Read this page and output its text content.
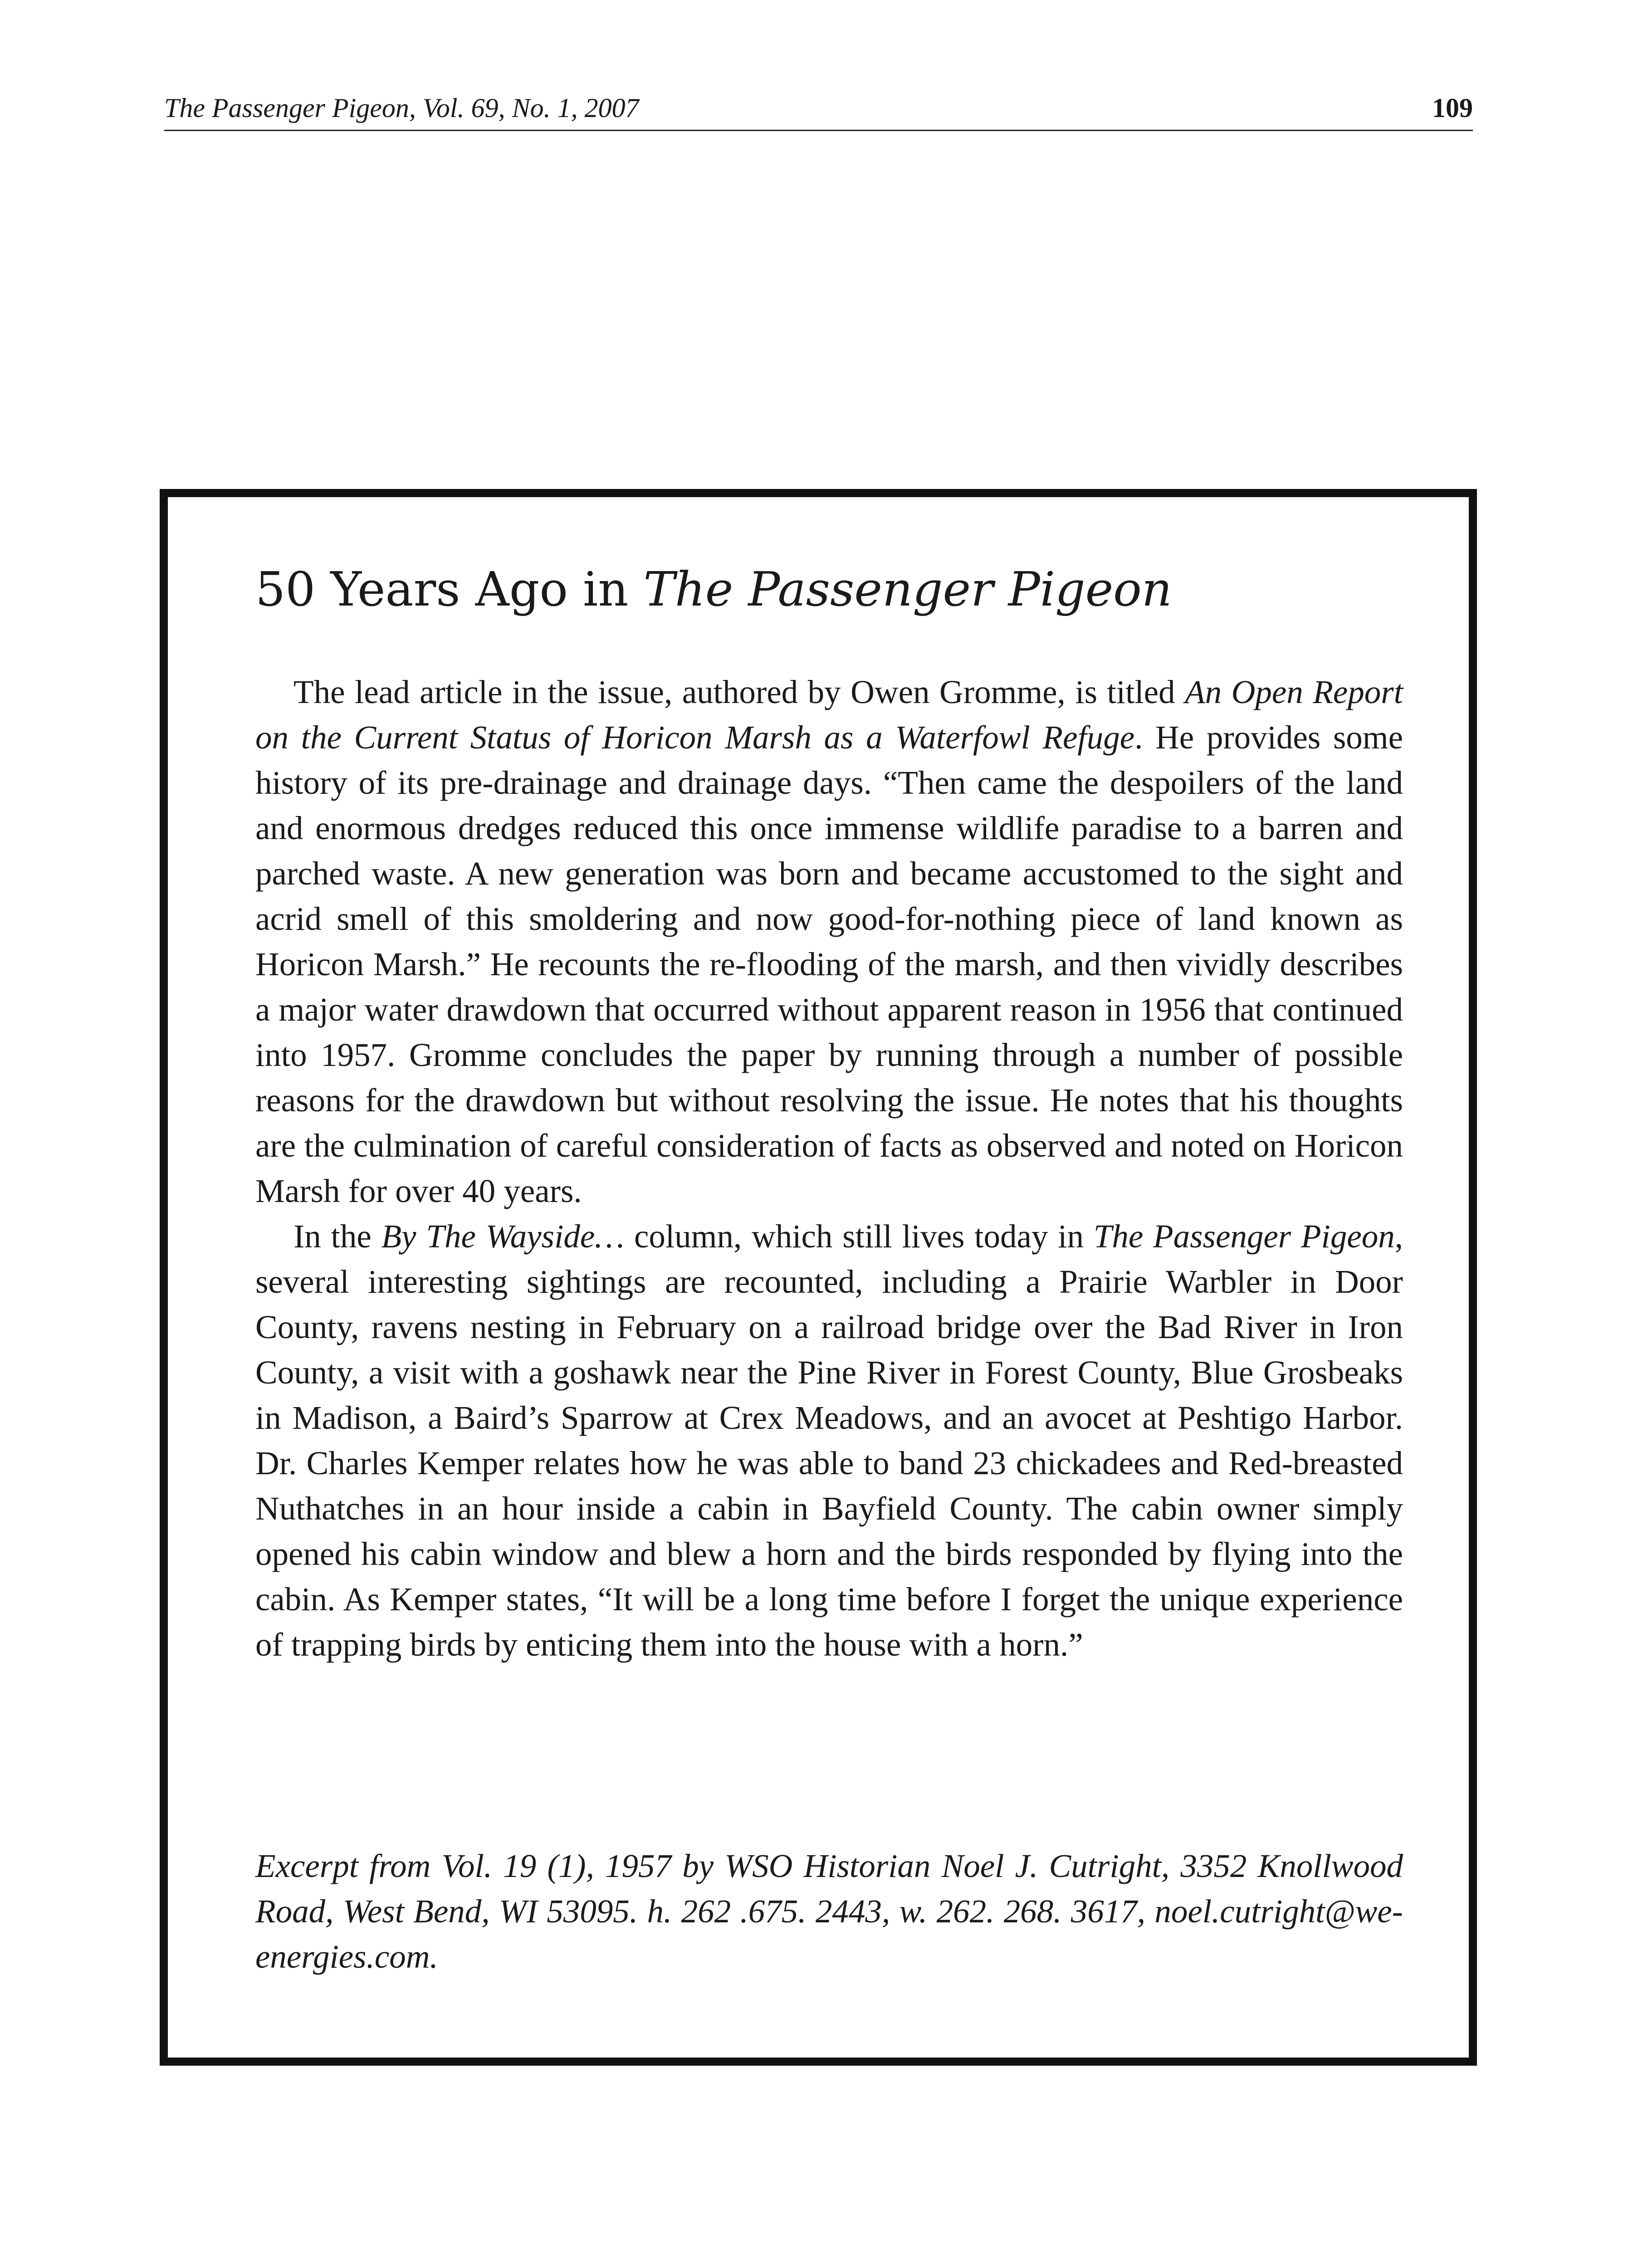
The Passenger Pigeon, Vol. 69, No. 1, 2007	109
50 Years Ago in The Passenger Pigeon

The lead article in the issue, authored by Owen Gromme, is titled An Open Report on the Current Status of Horicon Marsh as a Waterfowl Refuge. He provides some history of its pre-drainage and drainage days. “Then came the despoilers of the land and enormous dredges reduced this once immense wildlife paradise to a barren and parched waste. A new generation was born and became accustomed to the sight and acrid smell of this smoldering and now good-for-nothing piece of land known as Horicon Marsh.” He recounts the re-flooding of the marsh, and then vividly describes a major water drawdown that occurred without apparent reason in 1956 that continued into 1957. Gromme concludes the paper by running through a number of possible reasons for the drawdown but without resolving the issue. He notes that his thoughts are the culmination of careful consideration of facts as observed and noted on Horicon Marsh for over 40 years.

In the By The Wayside… column, which still lives today in The Passenger Pigeon, several interesting sightings are recounted, including a Prairie Warbler in Door County, ravens nesting in February on a railroad bridge over the Bad River in Iron County, a visit with a goshawk near the Pine River in Forest County, Blue Grosbeaks in Madison, a Baird’s Sparrow at Crex Meadows, and an avocet at Peshtigo Harbor. Dr. Charles Kemper relates how he was able to band 23 chickadees and Red-breasted Nuthatches in an hour inside a cabin in Bayfield County. The cabin owner simply opened his cabin window and blew a horn and the birds responded by flying into the cabin. As Kemper states, “It will be a long time before I forget the unique experience of trapping birds by enticing them into the house with a horn.”

Excerpt from Vol. 19 (1), 1957 by WSO Historian Noel J. Cutright, 3352 Knollwood Road, West Bend, WI 53095. h. 262 .675. 2443, w. 262. 268. 3617, noel.cutright@we-energies.com.
